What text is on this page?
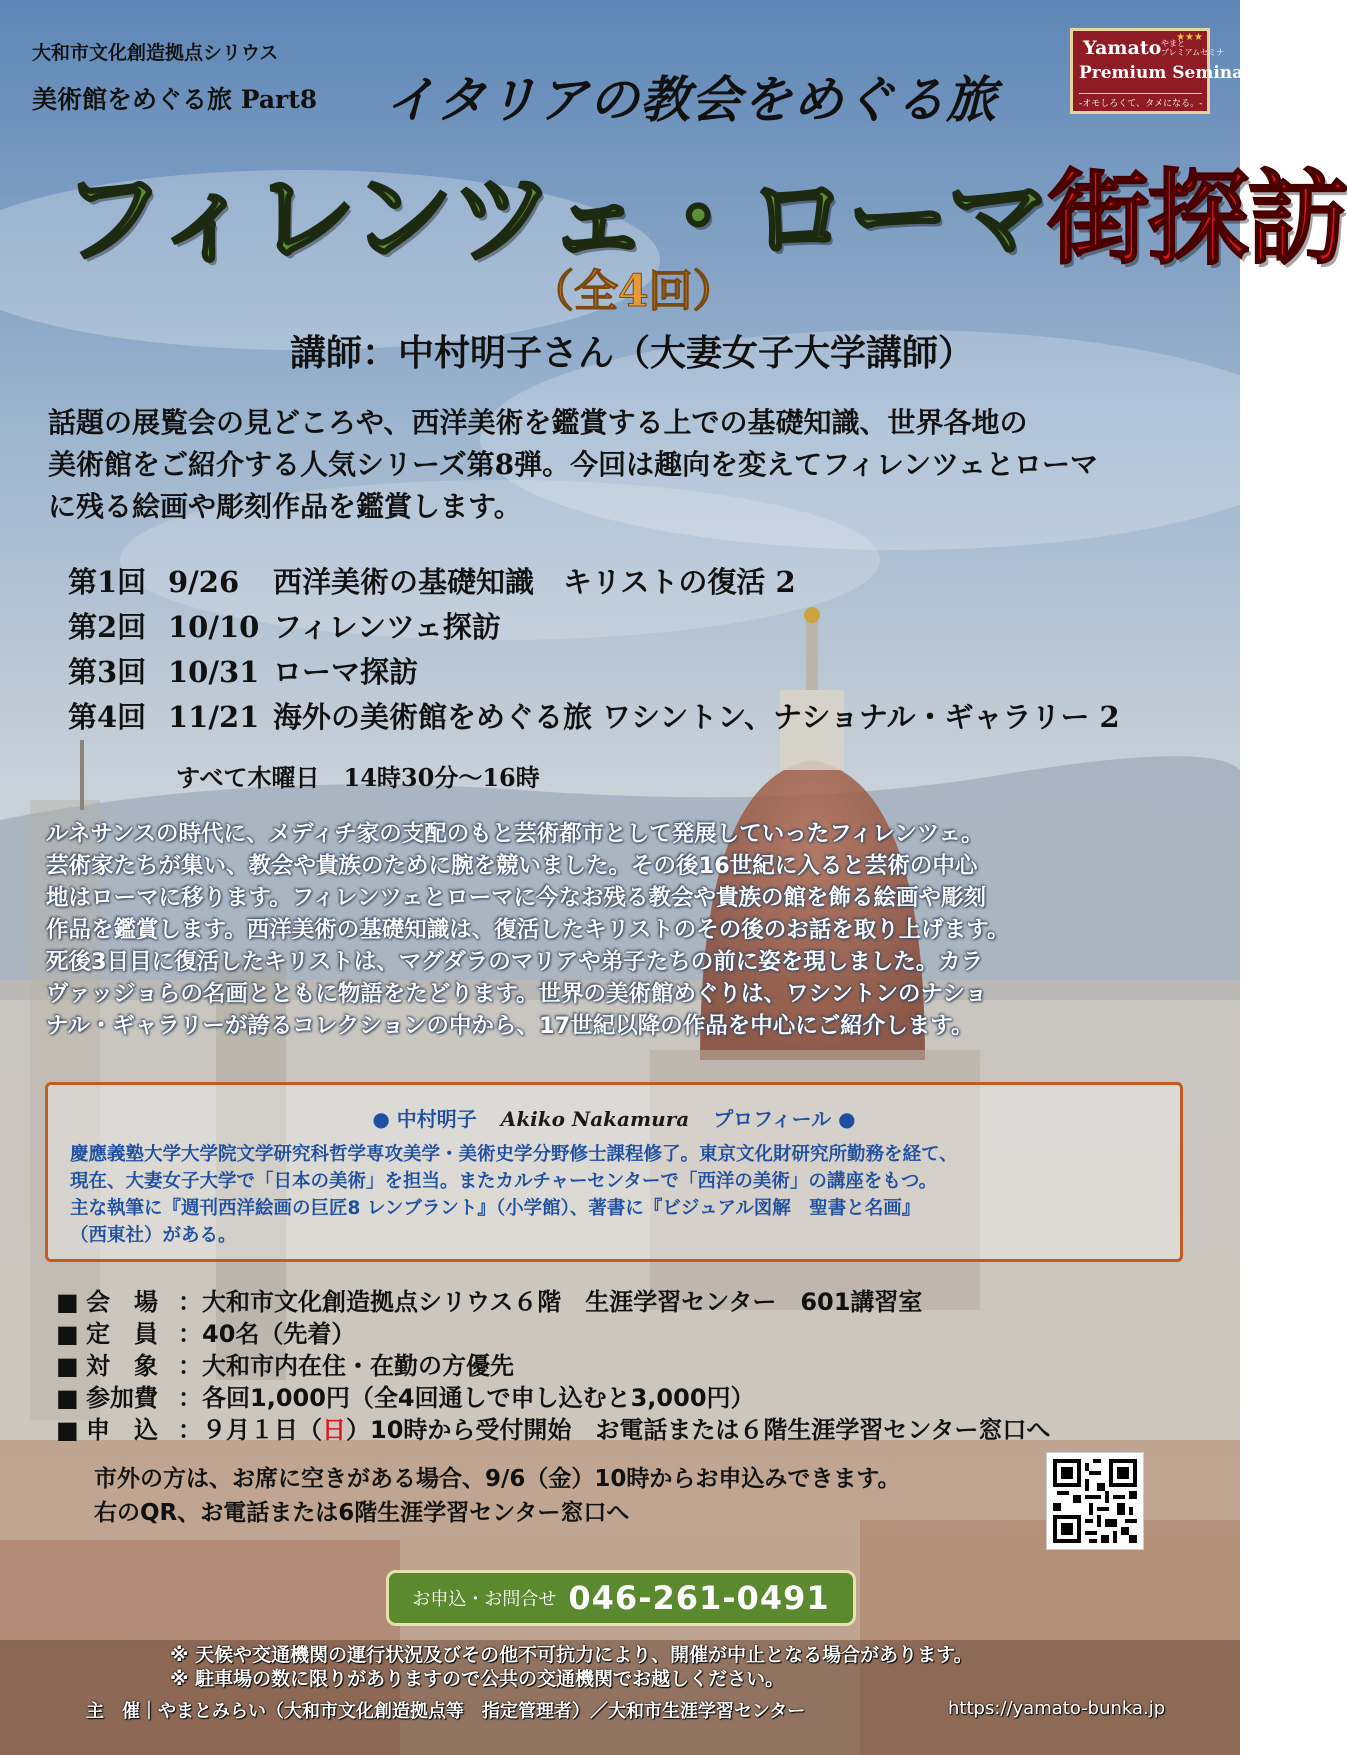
大和市文化創造拠点シリウス
美術館をめぐる旅 Part8 イタリアの教会をめぐる旅
Yamato やまと
プレミアムセミナ
★★★
Premium Seminar
-オモしろくて、タメになる。-
フィレンツェ・ローマ街探訪
（全4回）
講師：中村明子さん（大妻女子大学講師）
話題の展覧会の見どころや、西洋美術を鑑賞する上での基礎知識、世界各地の
美術館をご紹介する人気シリーズ第8弾。今回は趣向を変えてフィレンツェとローマ
に残る絵画や彫刻作品を鑑賞します。
第1回 9/26 西洋美術の基礎知識　キリストの復活 2
第2回 10/10 フィレンツェ探訪
第3回 10/31 ローマ探訪
第4回 11/21 海外の美術館をめぐる旅 ワシントン、ナショナル・ギャラリー 2
すべて木曜日　14時30分～16時
ルネサンスの時代に、メディチ家の支配のもと芸術都市として発展していったフィレンツェ。
芸術家たちが集い、教会や貴族のために腕を競いました。その後16世紀に入ると芸術の中心
地はローマに移ります。フィレンツェとローマに今なお残る教会や貴族の館を飾る絵画や彫刻
作品を鑑賞します。西洋美術の基礎知識は、復活したキリストのその後のお話を取り上げます。
死後3日目に復活したキリストは、マグダラのマリアや弟子たちの前に姿を現しました。カラ
ヴァッジョらの名画とともに物語をたどります。世界の美術館めぐりは、ワシントンのナショ
ナル・ギャラリーが誇るコレクションの中から、17世紀以降の作品を中心にご紹介します。
● 中村明子 Akiko Nakamura プロフィール ●
慶應義塾大学大学院文学研究科哲学専攻美学・美術史学分野修士課程修了。東京文化財研究所勤務を経て、
現在、大妻女子大学で「日本の美術」を担当。またカルチャーセンターで「西洋の美術」の講座をもつ。
主な執筆に『週刊西洋絵画の巨匠8 レンブラント』（小学館）、著書に『ビジュアル図解　聖書と名画』
（西東社）がある。
■ 会　場 ：大和市文化創造拠点シリウス６階　生涯学習センター　601講習室
■ 定　員 ：40名（先着）
■ 対　象 ：大和市内在住・在勤の方優先
■ 参加費 ：各回1,000円（全4回通しで申し込むと3,000円）
■ 申　込 ：９月１日（日）10時から受付開始　お電話または６階生涯学習センター窓口へ
市外の方は、お席に空きがある場合、9/6（金）10時からお申込みできます。
右のQR、お電話または6階生涯学習センター窓口へ
お申込・お問合せ 046-261-0491
※ 天候や交通機関の運行状況及びその他不可抗力により、開催が中止となる場合があります。
※ 駐車場の数に限りがありますので公共の交通機関でお越しください。
主　催｜やまとみらい（大和市文化創造拠点等　指定管理者）／大和市生涯学習センター	https://yamato-bunka.jp
